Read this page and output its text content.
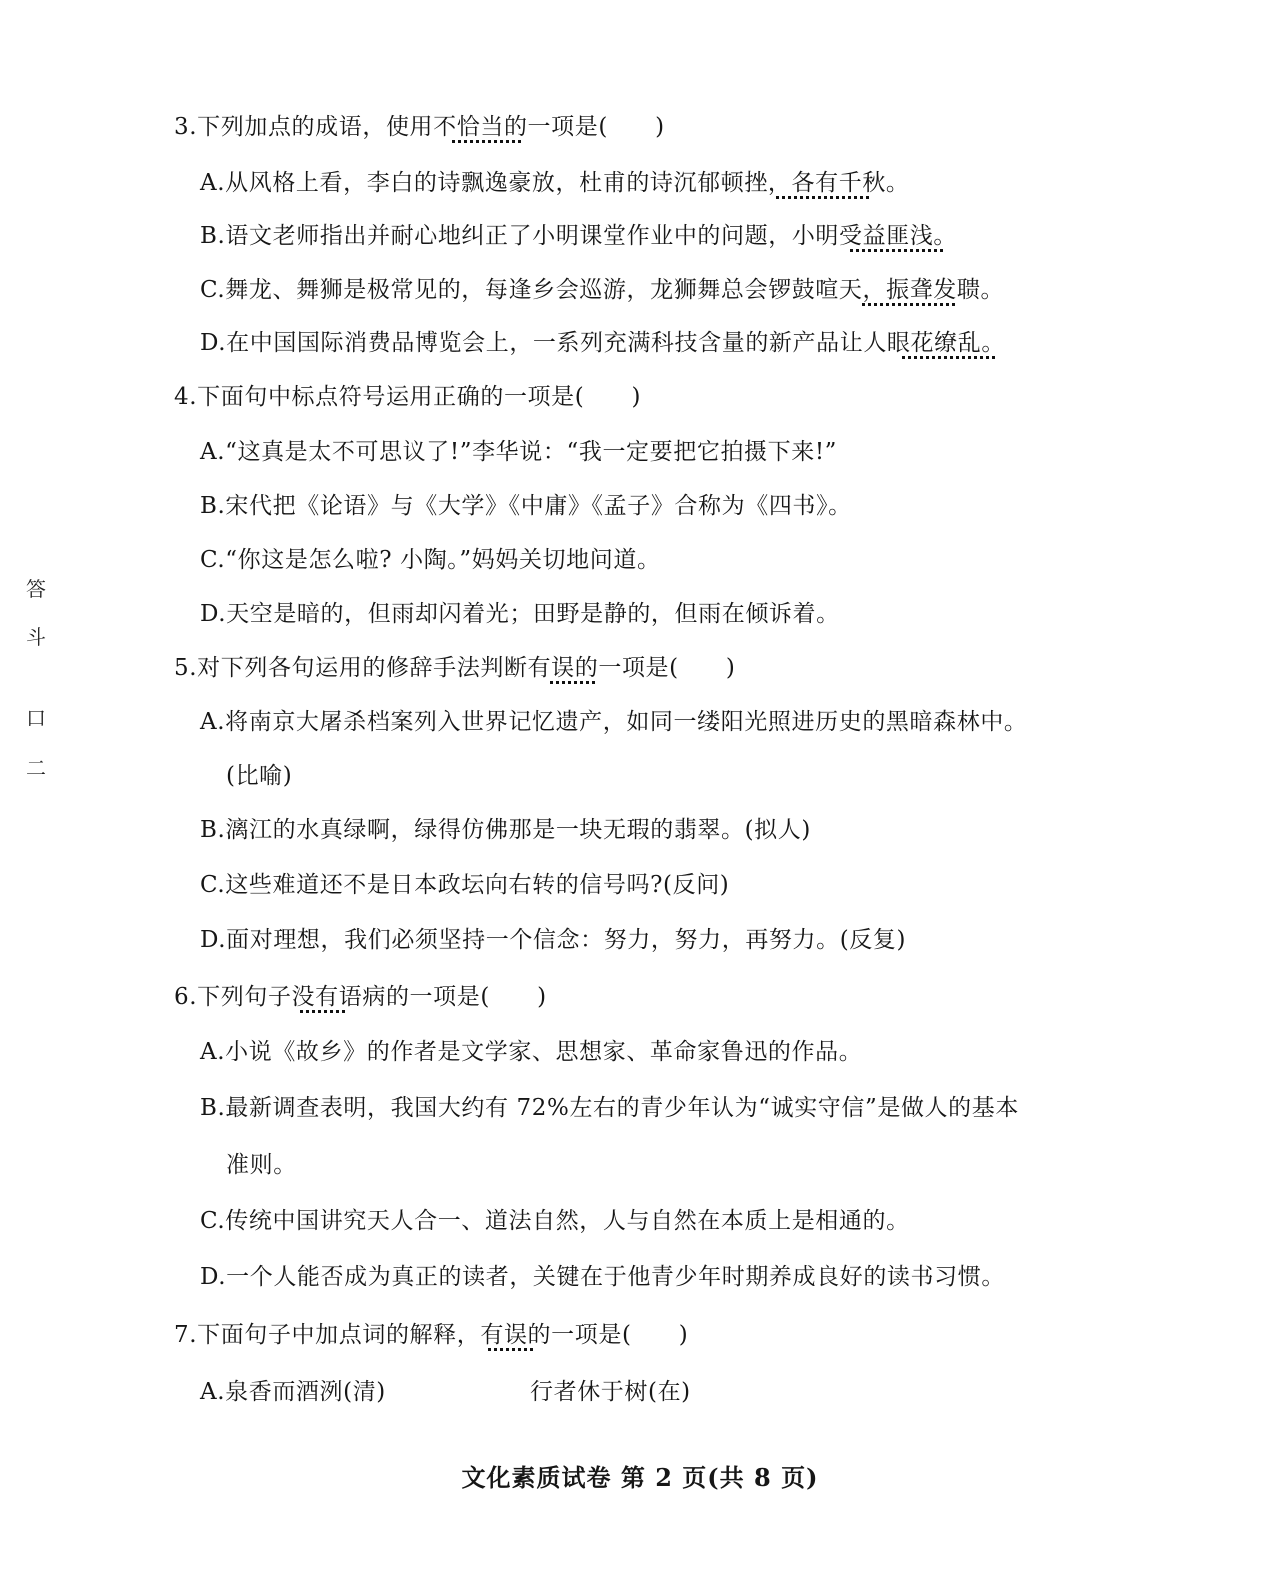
答
斗
口
二
3.下列加点的成语，使用不恰当的一项是(　　)
A.从风格上看，李白的诗飘逸豪放，杜甫的诗沉郁顿挫，各有千秋。
B.语文老师指出并耐心地纠正了小明课堂作业中的问题，小明受益匪浅。
C.舞龙、舞狮是极常见的，每逢乡会巡游，龙狮舞总会锣鼓喧天，振聋发聩。
D.在中国国际消费品博览会上，一系列充满科技含量的新产品让人眼花缭乱。
4.下面句中标点符号运用正确的一项是(　　)
A.“这真是太不可思议了!”李华说：“我一定要把它拍摄下来!”
B.宋代把《论语》与《大学》《中庸》《孟子》合称为《四书》。
C.“你这是怎么啦? 小陶。”妈妈关切地问道。
D.天空是暗的，但雨却闪着光；田野是静的，但雨在倾诉着。
5.对下列各句运用的修辞手法判断有误的一项是(　　)
A.将南京大屠杀档案列入世界记忆遗产，如同一缕阳光照进历史的黑暗森林中。
(比喻)
B.漓江的水真绿啊，绿得仿佛那是一块无瑕的翡翠。(拟人)
C.这些难道还不是日本政坛向右转的信号吗?(反问)
D.面对理想，我们必须坚持一个信念：努力，努力，再努力。(反复)
6.下列句子没有语病的一项是(　　)
A.小说《故乡》的作者是文学家、思想家、革命家鲁迅的作品。
B.最新调查表明，我国大约有 72%左右的青少年认为“诚实守信”是做人的基本
准则。
C.传统中国讲究天人合一、道法自然，人与自然在本质上是相通的。
D.一个人能否成为真正的读者，关键在于他青少年时期养成良好的读书习惯。
7.下面句子中加点词的解释，有误的一项是(　　)
A.泉香而酒洌(清)	行者休于树(在)
文化素质试卷 第 2 页(共 8 页)
